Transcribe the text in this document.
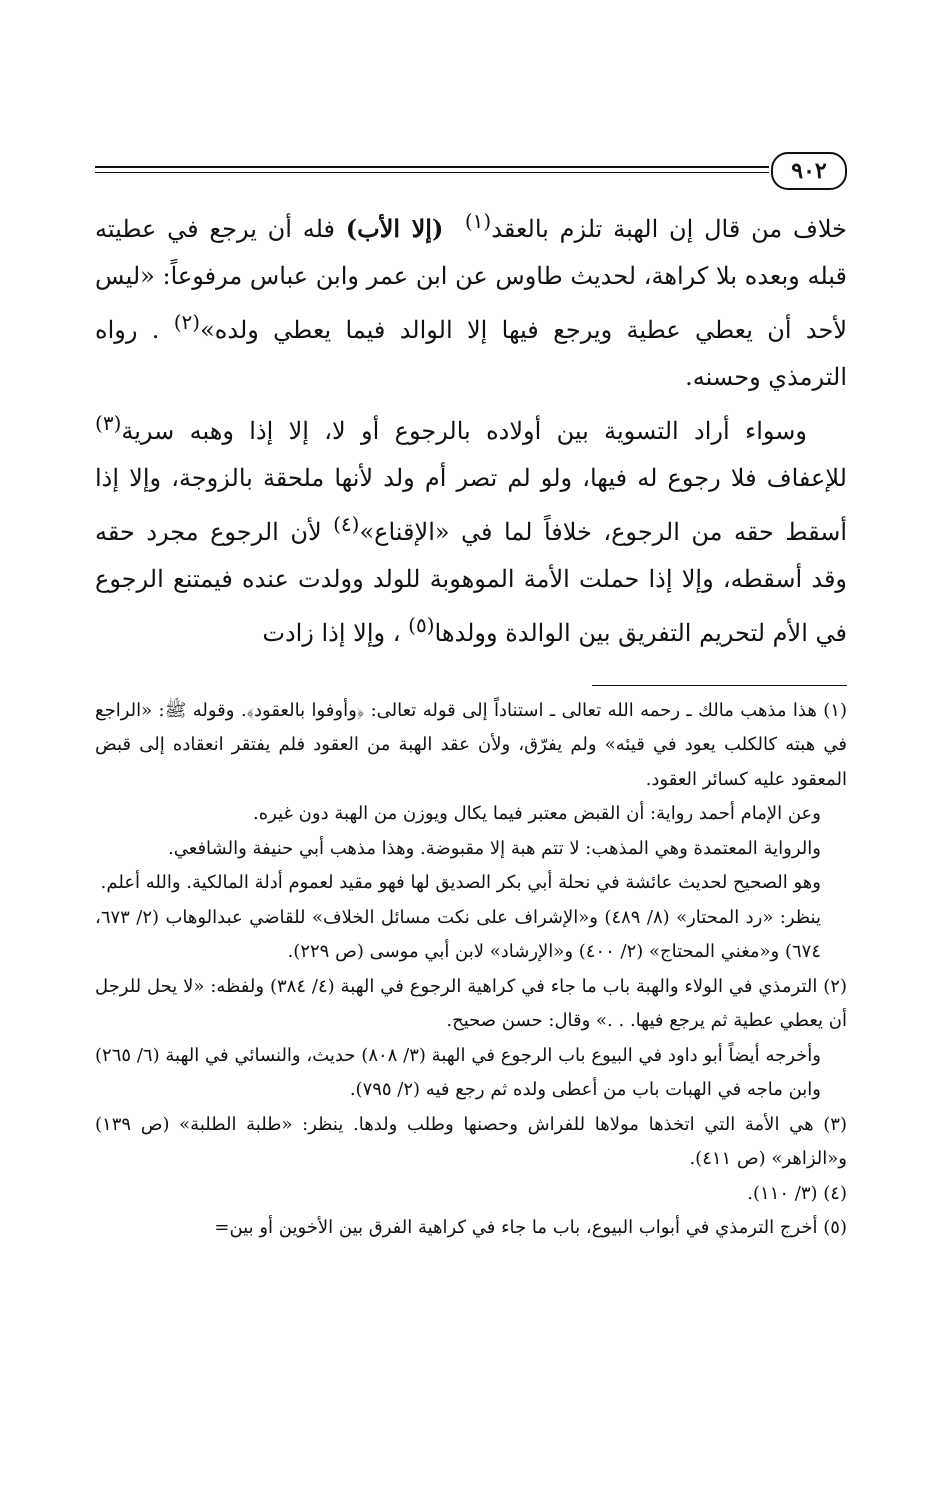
٩٠٢

خلاف من قال إن الهبة تلزم بالعقد$^{(١)}$  (إلا الأب) فله أن يرجع في عطيته قبله وبعده بلا كراهة، لحديث طاوس عن ابن عمر وابن عباس مرفوعاً: «ليس لأحد أن يعطي عطية ويرجع فيها إلا الوالد فيما يعطي ولده»$^{(٢)}$ . رواه الترمذي وحسنه.

وسواء أراد التسوية بين أولاده بالرجوع أو لا، إلا إذا وهبه سرية$^{(٣)}$ للإعفاف فلا رجوع له فيها، ولو لم تصر أم ولد لأنها ملحقة بالزوجة، وإلا إذا أسقط حقه من الرجوع، خلافاً لما في «الإقناع»$^{(٤)}$ لأن الرجوع مجرد حقه وقد أسقطه، وإلا إذا حملت الأمة الموهوبة للولد وولدت عنده فيمتنع الرجوع في الأم لتحريم التفريق بين الوالدة وولدها$^{(٥)}$ ، وإلا إذا زادت

(١) هذا مذهب مالك ـ رحمه الله تعالى ـ استناداً إلى قوله تعالى: ﴿وأوفوا بالعقود﴾. وقوله ﷺ: «الراجع في هبته كالكلب يعود في قيئه» ولم يفرّق، ولأن عقد الهبة من العقود فلم يفتقر انعقاده إلى قبض المعقود عليه كسائر العقود.

وعن الإمام أحمد رواية: أن القبض معتبر فيما يكال ويوزن من الهبة دون غيره.

والرواية المعتمدة وهي المذهب: لا تتم هبة إلا مقبوضة. وهذا مذهب أبي حنيفة والشافعي.

وهو الصحيح لحديث عائشة في نحلة أبي بكر الصديق لها فهو مقيد لعموم أدلة المالكية. والله أعلم.

ينظر: «رد المحتار» (٨/ ٤٨٩) و«الإشراف على نكت مسائل الخلاف» للقاضي عبدالوهاب (٢/ ٦٧٣، ٦٧٤) و«مغني المحتاج» (٢/ ٤٠٠) و«الإرشاد» لابن أبي موسى (ص ٢٢٩).

(٢) الترمذي في الولاء والهبة باب ما جاء في كراهية الرجوع في الهبة (٤/ ٣٨٤) ولفظه: «لا يحل للرجل أن يعطي عطية ثم يرجع فيها. . .» وقال: حسن صحيح.

وأخرجه أيضاً أبو داود في البيوع باب الرجوع في الهبة (٣/ ٨٠٨) حديث، والنسائي في الهبة (٦/ ٢٦٥) وابن ماجه في الهبات باب من أعطى ولده ثم رجع فيه (٢/ ٧٩٥).

(٣) هي الأمة التي اتخذها مولاها للفراش وحصنها وطلب ولدها. ينظر: «طلبة الطلبة» (ص ١٣٩) و«الزاهر» (ص ٤١١).

(٤) (٣/ ١١٠).

(٥) أخرج الترمذي في أبواب البيوع، باب ما جاء في كراهية الفرق بين الأخوين أو بين=
